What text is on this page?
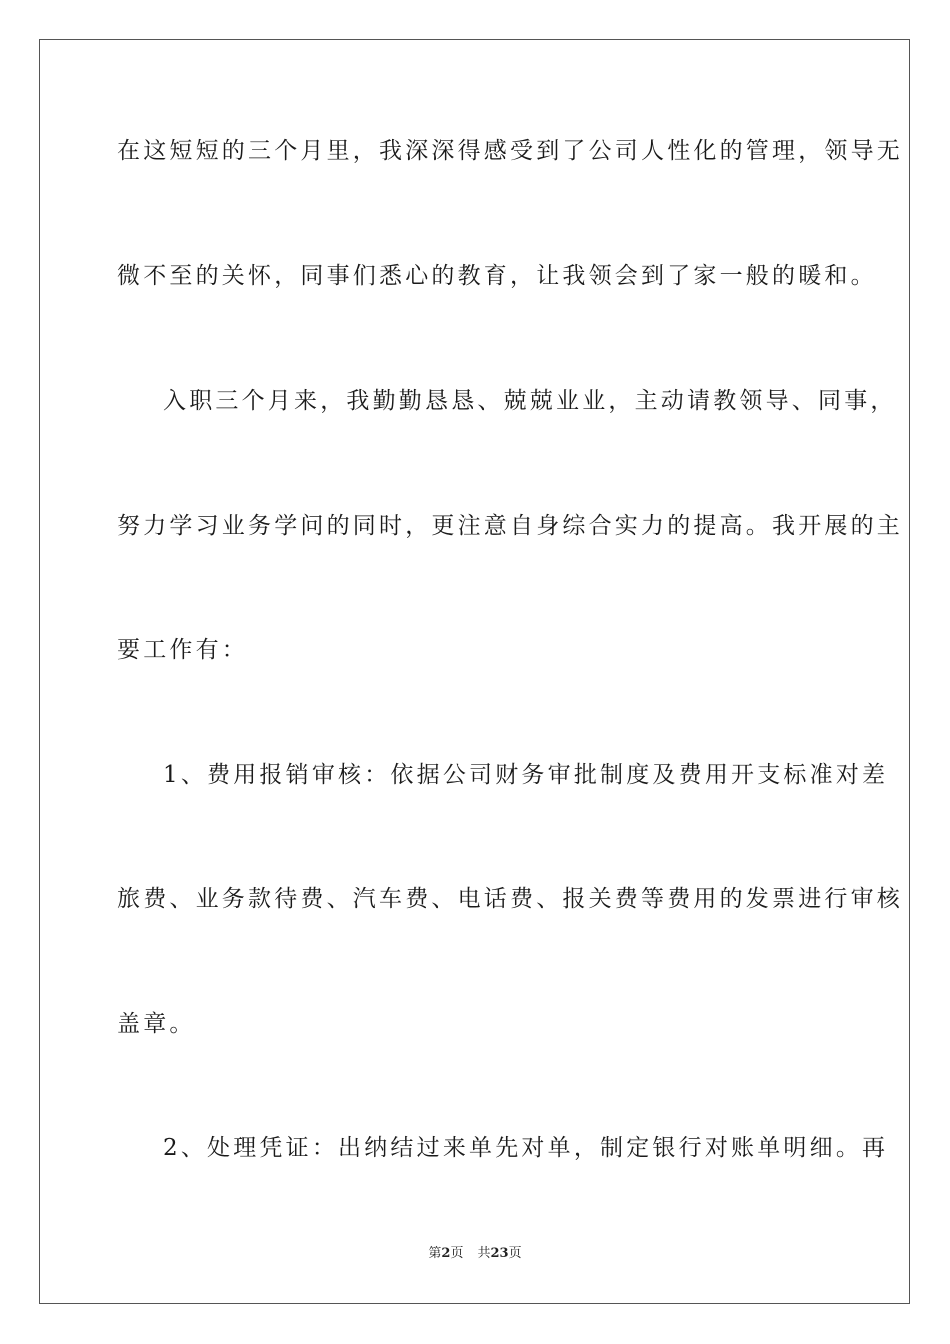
在这短短的三个月里，我深深得感受到了公司人性化的管理，领导无
微不至的关怀，同事们悉心的教育，让我领会到了家一般的暖和。
入职三个月来，我勤勤恳恳、兢兢业业，主动请教领导、同事，
努力学习业务学问的同时，更注意自身综合实力的提高。我开展的主
要工作有：
1、费用报销审核：依据公司财务审批制度及费用开支标准对差
旅费、业务款待费、汽车费、电话费、报关费等费用的发票进行审核
盖章。
2、处理凭证：出纳结过来单先对单，制定银行对账单明细。再
第2页 共23页
